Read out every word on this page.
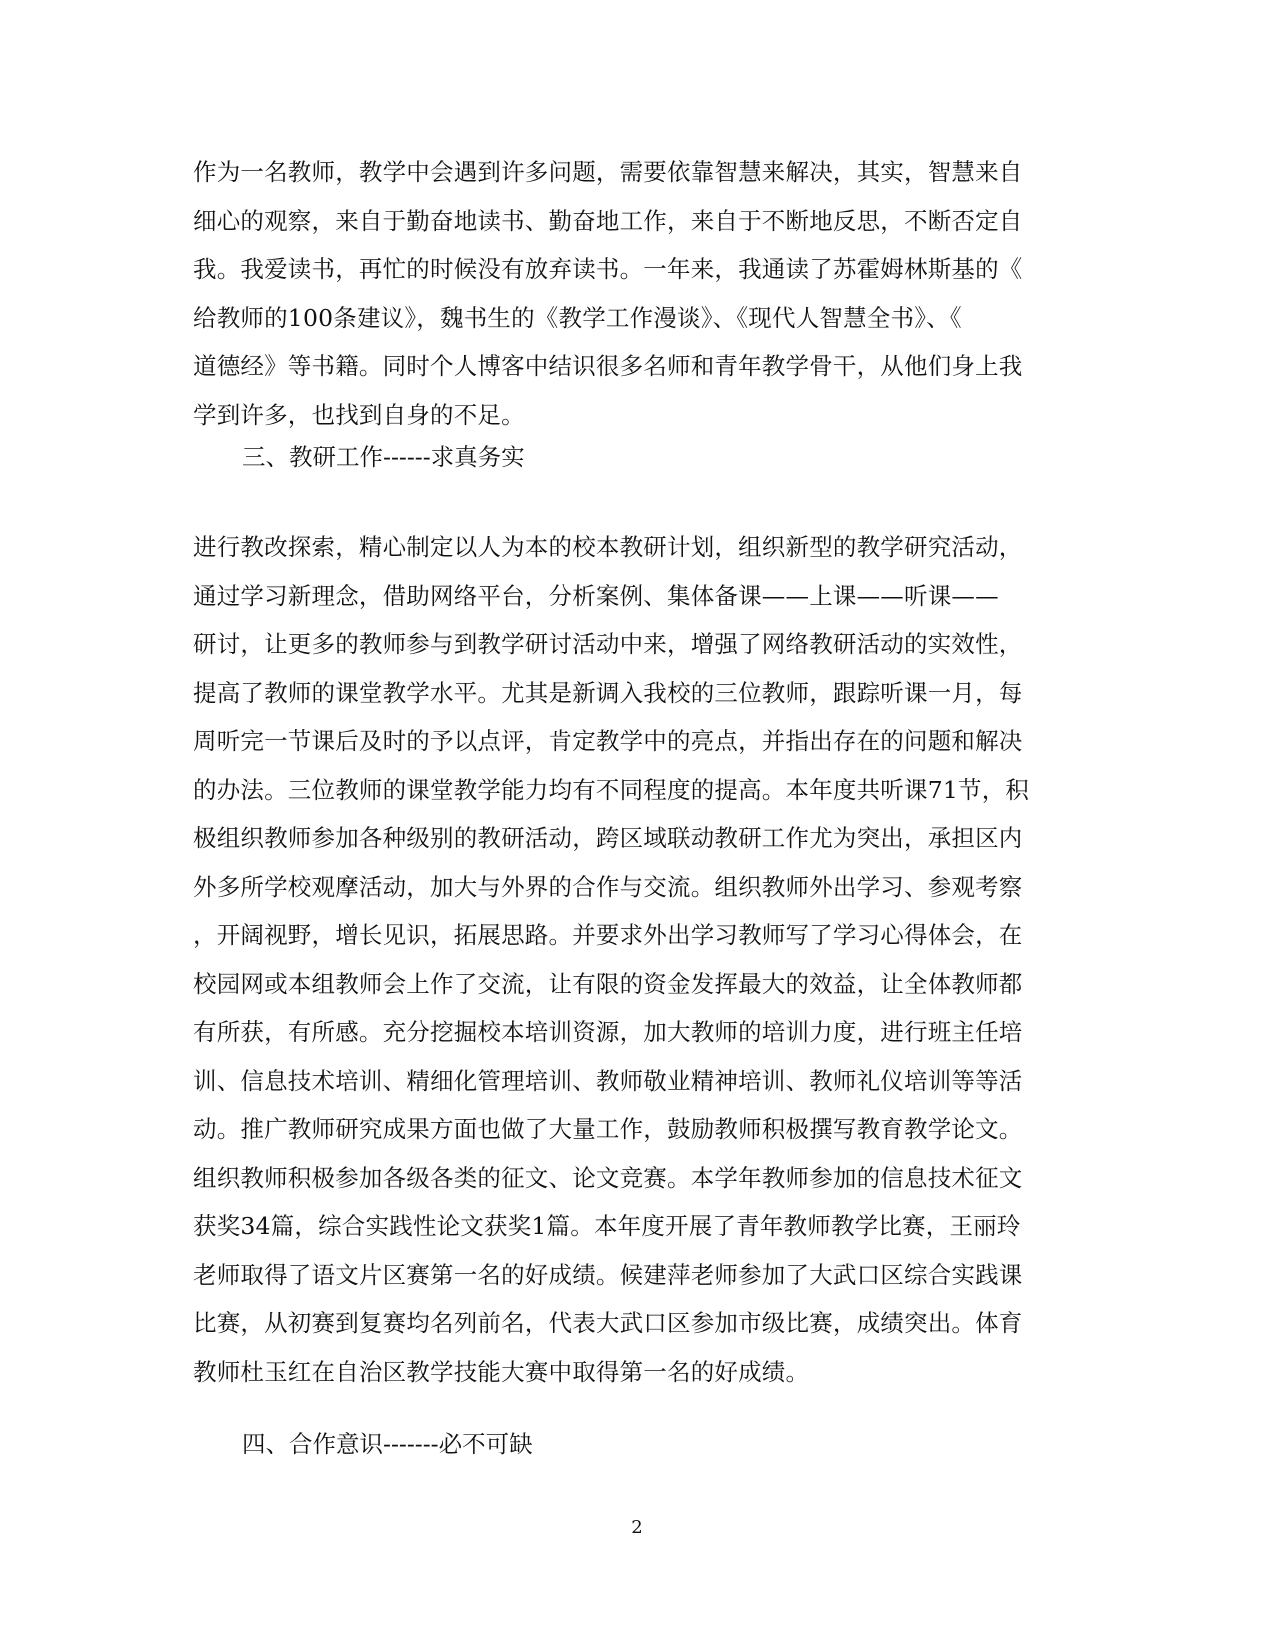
作为一名教师，教学中会遇到许多问题，需要依靠智慧来解决，其实，智慧来自
细心的观察，来自于勤奋地读书、勤奋地工作，来自于不断地反思，不断否定自
我。我爱读书，再忙的时候没有放弃读书。一年来，我通读了苏霍姆林斯基的《
给教师的100条建议》，魏书生的《教学工作漫谈》、《现代人智慧全书》、《
道德经》等书籍。同时个人博客中结识很多名师和青年教学骨干，从他们身上我
学到许多，也找到自身的不足。
三、教研工作------求真务实
进行教改探索，精心制定以人为本的校本教研计划，组织新型的教学研究活动，
通过学习新理念，借助网络平台，分析案例、集体备课——上课——听课——
研讨，让更多的教师参与到教学研讨活动中来，增强了网络教研活动的实效性，
提高了教师的课堂教学水平。尤其是新调入我校的三位教师，跟踪听课一月，每
周听完一节课后及时的予以点评，肯定教学中的亮点，并指出存在的问题和解决
的办法。三位教师的课堂教学能力均有不同程度的提高。本年度共听课71节，积
极组织教师参加各种级别的教研活动，跨区域联动教研工作尤为突出，承担区内
外多所学校观摩活动，加大与外界的合作与交流。组织教师外出学习、参观考察
，开阔视野，增长见识，拓展思路。并要求外出学习教师写了学习心得体会，在
校园网或本组教师会上作了交流，让有限的资金发挥最大的效益，让全体教师都
有所获，有所感。充分挖掘校本培训资源，加大教师的培训力度，进行班主任培
训、信息技术培训、精细化管理培训、教师敬业精神培训、教师礼仪培训等等活
动。推广教师研究成果方面也做了大量工作，鼓励教师积极撰写教育教学论文。
组织教师积极参加各级各类的征文、论文竞赛。本学年教师参加的信息技术征文
获奖34篇，综合实践性论文获奖1篇。本年度开展了青年教师教学比赛，王丽玲
老师取得了语文片区赛第一名的好成绩。候建萍老师参加了大武口区综合实践课
比赛，从初赛到复赛均名列前名，代表大武口区参加市级比赛，成绩突出。体育
教师杜玉红在自治区教学技能大赛中取得第一名的好成绩。
四、合作意识-------必不可缺
2
